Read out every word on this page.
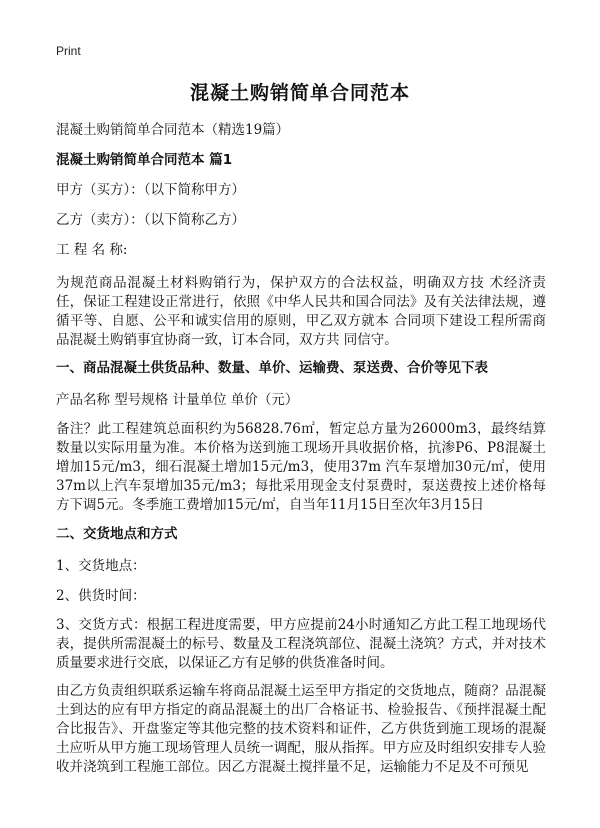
Print
混凝土购销简单合同范本
混凝土购销简单合同范本（精选19篇）
混凝土购销简单合同范本 篇1
甲方（买方）：（以下简称甲方）
乙方（卖方）：（以下简称乙方）
工 程 名 称:
为规范商品混凝土材料购销行为，保护双方的合法权益，明确双方技 术经济责任，保证工程建设正常进行，依照《中华人民共和国合同法》及有关法律法规，遵循平等、自愿、公平和诚实信用的原则，甲乙双方就本 合同项下建设工程所需商品混凝土购销事宜协商一致，订本合同，双方共 同信守。
一、商品混凝土供货品种、数量、单价、运输费、泵送费、合价等见下表
产品名称 型号规格 计量单位 单价（元）
备注？此工程建筑总面积约为56828.76㎡，暂定总方量为26000m3，最终结算数量以实际用量为准。本价格为送到施工现场开具收据价格，抗渗P6、P8混凝土增加15元/m3，细石混凝土增加15元/m3，使用37m 汽车泵增加30元/㎡，使用37m以上汽车泵增加35元/m3；每批采用现金支付泵费时，泵送费按上述价格每方下调5元。冬季施工费增加15元/㎡，自当年11月15日至次年3月15日
二、交货地点和方式
1、交货地点：
2、供货时间：
3、交货方式：根据工程进度需要，甲方应提前24小时通知乙方此工程工地现场代表，提供所需混凝土的标号、数量及工程浇筑部位、混凝土浇筑？方式，并对技术质量要求进行交底，以保证乙方有足够的供货准备时间。
由乙方负责组织联系运输车将商品混凝土运至甲方指定的交货地点，随商？品混凝土到达的应有甲方指定的商品混凝土的出厂合格证书、检验报告、《预拌混凝土配合比报告》、开盘鉴定等其他完整的技术资料和证件，乙方供货到施工现场的混凝土应听从甲方施工现场管理人员统一调配，服从指挥。甲方应及时组织安排专人验收并浇筑到工程施工部位。因乙方混凝土搅拌量不足，运输能力不足及不可预见
